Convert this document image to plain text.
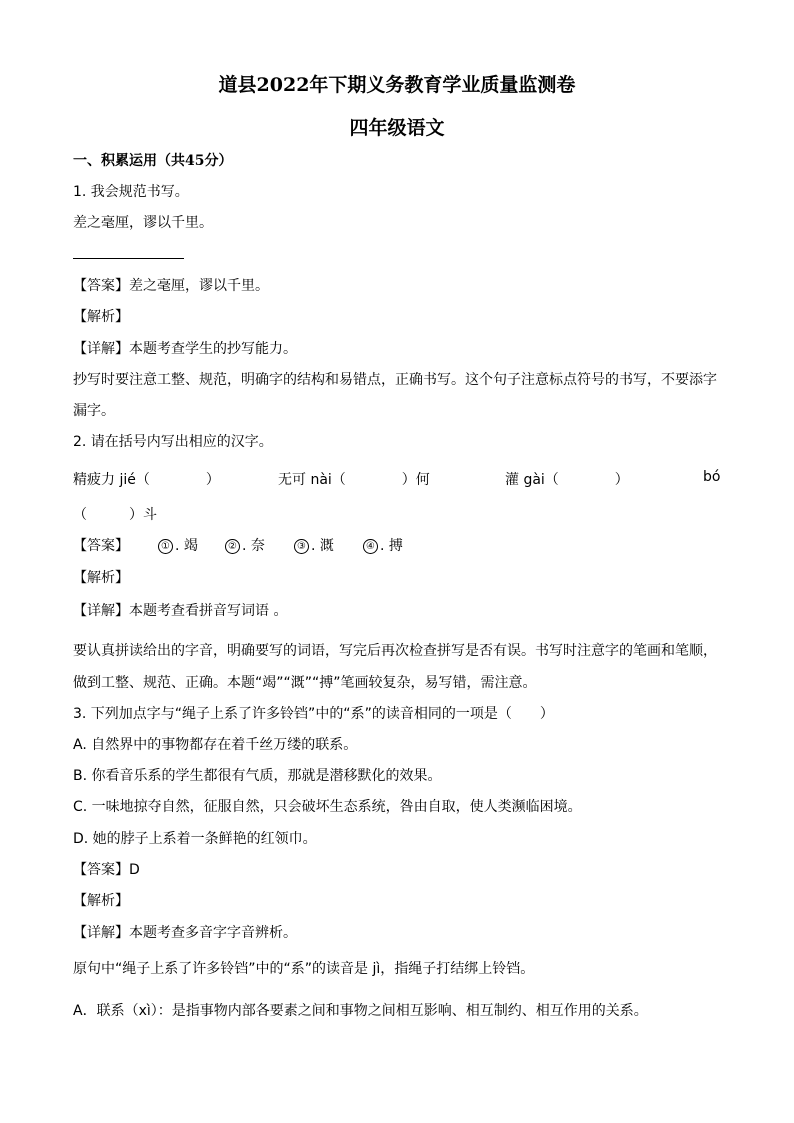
道县2022年下期义务教育学业质量监测卷
四年级语文
一、积累运用（共45分）
1. 我会规范书写。
差之毫厘，谬以千里。
【答案】差之毫厘，谬以千里。
【解析】
【详解】本题考查学生的抄写能力。
抄写时要注意工整、规范，明确字的结构和易错点，正确书写。这个句子注意标点符号的书写，不要添字
漏字。
2. 请在括号内写出相应的汉字。
精疲力 jié（　　　　）	无可 nài（　　　　）何	灌 gài（　　　　）	bó
（　　　）斗
【答案】	① . 竭	② . 奈	③ . 溉	④ . 搏
【解析】
【详解】本题考查看拼音写词语 。
要认真拼读给出的字音，明确要写的词语，写完后再次检查拼写是否有误。书写时注意字的笔画和笔顺，
做到工整、规范、正确。本题“竭”“溉”“搏”笔画较复杂，易写错，需注意。
3. 下列加点字与“绳子上系了许多铃铛”中的“系”的读音相同的一项是（　　）
A. 自然界中的事物都存在着千丝万缕的联系。
B. 你看音乐系的学生都很有气质，那就是潜移默化的效果。
C. 一味地掠夺自然，征服自然，只会破坏生态系统，咎由自取，使人类濒临困境。
D. 她的脖子上系着一条鲜艳的红领巾。
【答案】D
【解析】
【详解】本题考查多音字字音辨析。
原句中“绳子上系了许多铃铛”中的“系”的读音是 jì，指绳子打结绑上铃铛。
A．联系（xì）：是指事物内部各要素之间和事物之间相互影响、相互制约、相互作用的关系。
